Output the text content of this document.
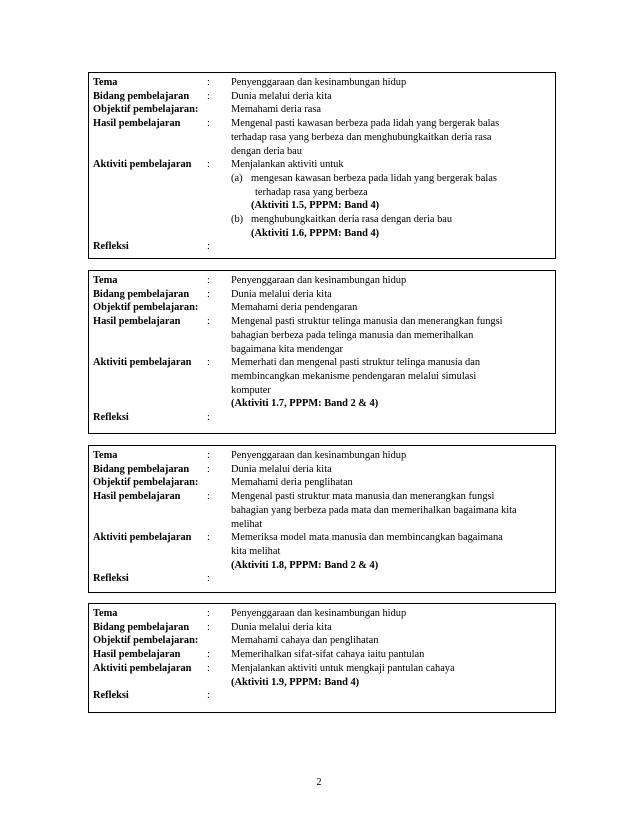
Tema	:	Penyenggaraan dan kesinambungan hidup
Bidang pembelajaran	:	Dunia melalui deria kita
Objektif pembelajaran:	Memahami deria rasa
Hasil pembelajaran	:	Mengenal pasti kawasan berbeza pada lidah yang bergerak balas
terhadap rasa yang berbeza dan menghubungkaitkan deria rasa
dengan deria bau
Aktiviti pembelajaran	:	Menjalankan aktiviti untuk
(a) mengesan kawasan berbeza pada lidah yang bergerak balas
terhadap rasa yang berbeza
(Aktiviti 1.5, PPPM: Band 4)
(b) menghubungkaitkan deria rasa dengan deria bau
(Aktiviti 1.6, PPPM: Band 4)
Refleksi	:
Tema	:	Penyenggaraan dan kesinambungan hidup
Bidang pembelajaran	:	Dunia melalui deria kita
Objektif pembelajaran:	Memahami deria pendengaran
Hasil pembelajaran	:	Mengenal pasti struktur telinga manusia dan menerangkan fungsi
bahagian berbeza pada telinga manusia dan memerihalkan
bagaimana kita mendengar
Aktiviti pembelajaran	:	Memerhati dan mengenal pasti struktur telinga manusia dan
membincangkan mekanisme pendengaran melalui simulasi
komputer
(Aktiviti 1.7, PPPM: Band 2 & 4)
Refleksi	:
Tema	:	Penyenggaraan dan kesinambungan hidup
Bidang pembelajaran	:	Dunia melalui deria kita
Objektif pembelajaran:	Memahami deria penglihatan
Hasil pembelajaran	:	Mengenal pasti struktur mata manusia dan menerangkan fungsi
bahagian yang berbeza pada mata dan memerihalkan bagaimana kita
melihat
Aktiviti pembelajaran	:	Memeriksa model mata manusia dan membincangkan bagaimana
kita melihat
(Aktiviti 1.8, PPPM: Band 2 & 4)
Refleksi	:
Tema	:	Penyenggaraan dan kesinambungan hidup
Bidang pembelajaran	:	Dunia melalui deria kita
Objektif pembelajaran:	Memahami cahaya dan penglihatan
Hasil pembelajaran	:	Memerihalkan sifat-sifat cahaya iaitu pantulan
Aktiviti pembelajaran	:	Menjalankan aktiviti untuk mengkaji pantulan cahaya
(Aktiviti 1.9, PPPM: Band 4)
Refleksi	:
2
